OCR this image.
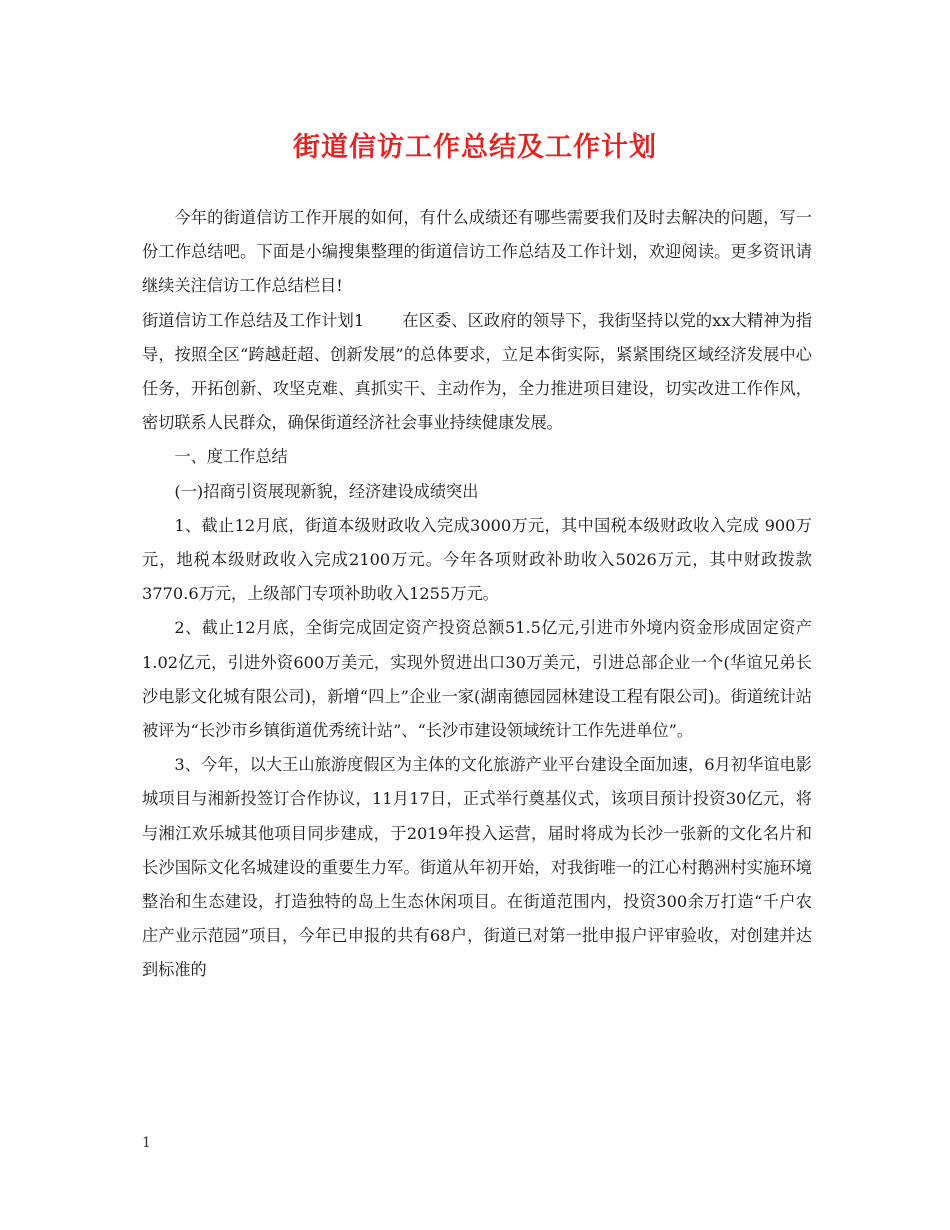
街道信访工作总结及工作计划

今年的街道信访工作开展的如何，有什么成绩还有哪些需要我们及时去解决的问题，写一份工作总结吧。下面是小编搜集整理的街道信访工作总结及工作计划，欢迎阅读。更多资讯请继续关注信访工作总结栏目!

街道信访工作总结及工作计划1 在区委、区政府的领导下，我街坚持以党的xx大精神为指导，按照全区“跨越赶超、创新发展”的总体要求，立足本街实际，紧紧围绕区域经济发展中心任务，开拓创新、攻坚克难、真抓实干、主动作为，全力推进项目建设，切实改进工作作风，密切联系人民群众，确保街道经济社会事业持续健康发展。

一、度工作总结

(一)招商引资展现新貌，经济建设成绩突出

1、截止12月底，街道本级财政收入完成3000万元，其中国税本级财政收入完成 900万元，地税本级财政收入完成2100万元。今年各项财政补助收入5026万元，其中财政拨款3770.6万元，上级部门专项补助收入1255万元。

2、截止12月底，全街完成固定资产投资总额51.5亿元,引进市外境内资金形成固定资产1.02亿元，引进外资600万美元，实现外贸进出口30万美元，引进总部企业一个(华谊兄弟长沙电影文化城有限公司)，新增“四上”企业一家(湖南德园园林建设工程有限公司)。街道统计站被评为“长沙市乡镇街道优秀统计站”、“长沙市建设领域统计工作先进单位”。

3、今年，以大王山旅游度假区为主体的文化旅游产业平台建设全面加速，6月初华谊电影城项目与湘新投签订合作协议，11月17日，正式举行奠基仪式，该项目预计投资30亿元，将与湘江欢乐城其他项目同步建成，于2019年投入运营，届时将成为长沙一张新的文化名片和长沙国际文化名城建设的重要生力军。街道从年初开始，对我街唯一的江心村鹅洲村实施环境整治和生态建设，打造独特的岛上生态休闲项目。在街道范围内，投资300余万打造“千户农庄产业示范园”项目，今年已申报的共有68户，街道已对第一批申报户评审验收，对创建并达到标准的

1
